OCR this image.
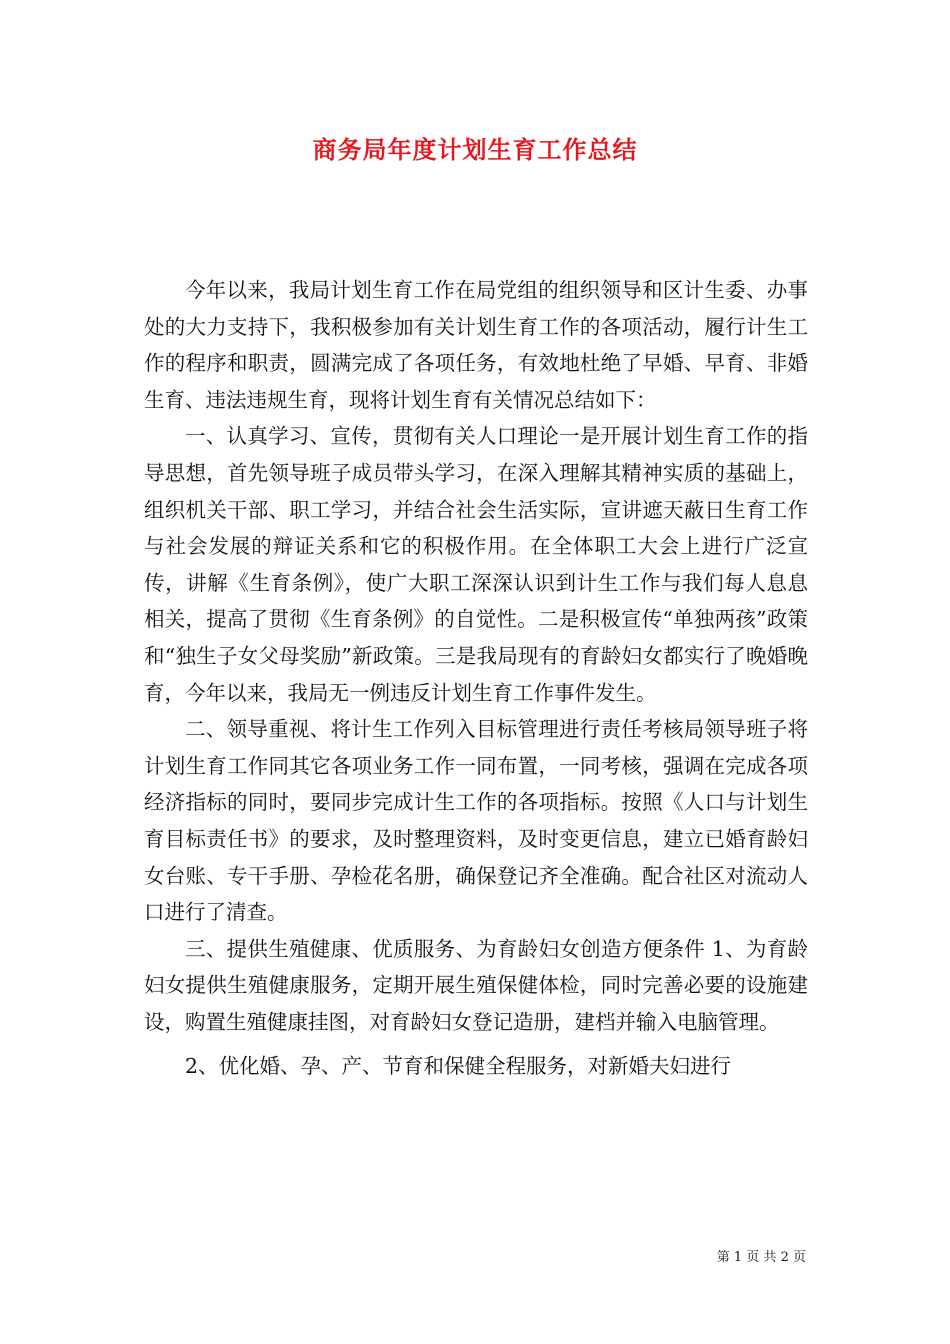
商务局年度计划生育工作总结

今年以来，我局计划生育工作在局党组的组织领导和区计生委、办事处的大力支持下，我积极参加有关计划生育工作的各项活动，履行计生工作的程序和职责，圆满完成了各项任务，有效地杜绝了早婚、早育、非婚生育、违法违规生育，现将计划生育有关情况总结如下：

一、认真学习、宣传，贯彻有关人口理论一是开展计划生育工作的指导思想，首先领导班子成员带头学习，在深入理解其精神实质的基础上，组织机关干部、职工学习，并结合社会生活实际，宣讲遮天蔽日生育工作与社会发展的辩证关系和它的积极作用。在全体职工大会上进行广泛宣传，讲解《生育条例》，使广大职工深深认识到计生工作与我们每人息息相关，提高了贯彻《生育条例》的自觉性。二是积极宣传“单独两孩”政策和“独生子女父母奖励”新政策。三是我局现有的育龄妇女都实行了晚婚晚育，今年以来，我局无一例违反计划生育工作事件发生。

二、领导重视、将计生工作列入目标管理进行责任考核局领导班子将计划生育工作同其它各项业务工作一同布置，一同考核，强调在完成各项经济指标的同时，要同步完成计生工作的各项指标。按照《人口与计划生育目标责任书》的要求，及时整理资料，及时变更信息，建立已婚育龄妇女台账、专干手册、孕检花名册，确保登记齐全准确。配合社区对流动人口进行了清查。

三、提供生殖健康、优质服务、为育龄妇女创造方便条件 1、为育龄妇女提供生殖健康服务，定期开展生殖保健体检，同时完善必要的设施建设，购置生殖健康挂图，对育龄妇女登记造册，建档并输入电脑管理。

2、优化婚、孕、产、节育和保健全程服务，对新婚夫妇进行

第 1 页 共 2 页
